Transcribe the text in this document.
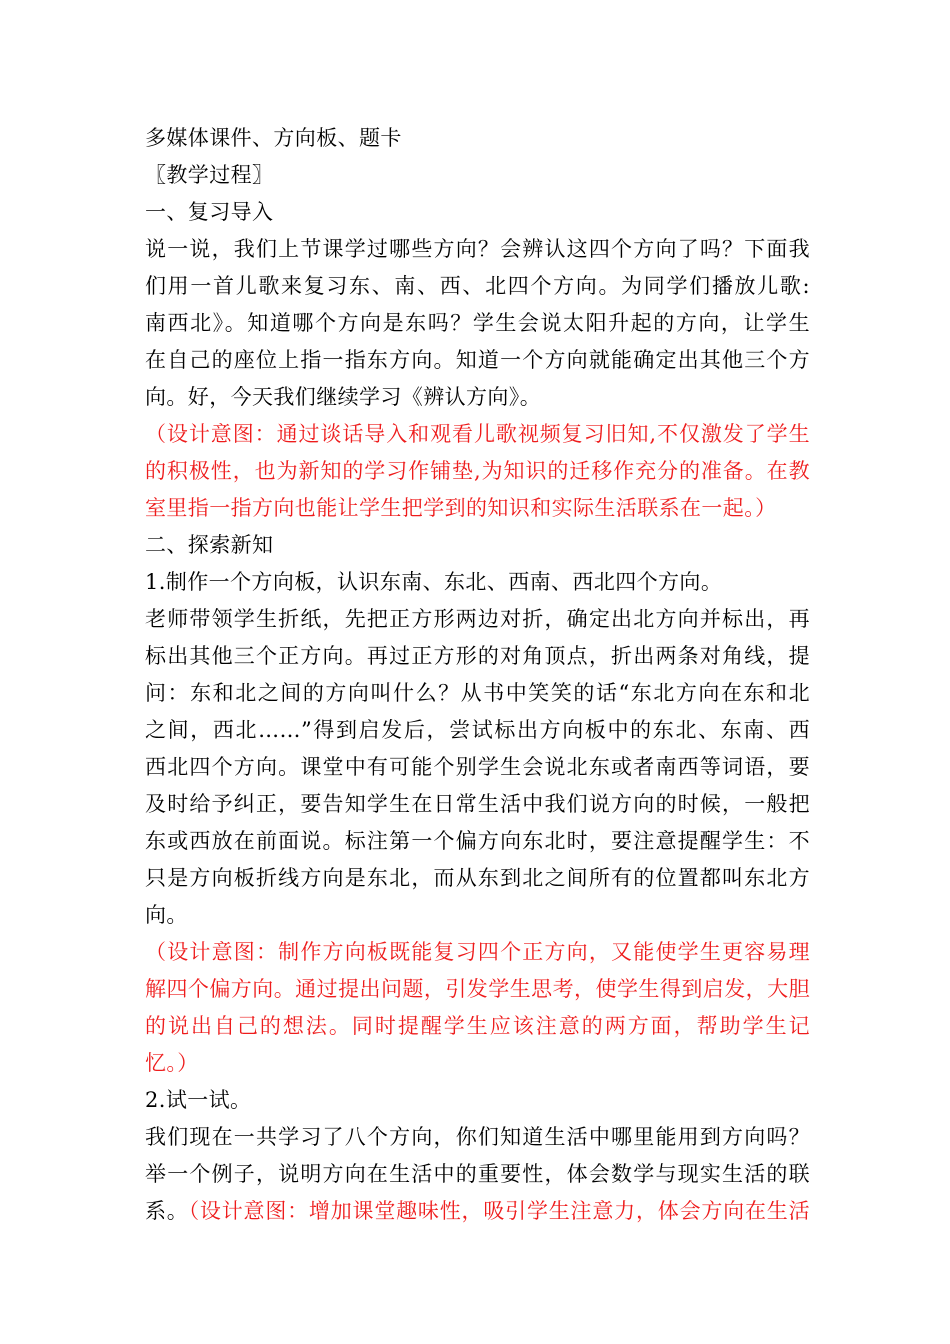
多媒体课件、方向板、题卡
〖教学过程〗
一、复习导入
说一说，我们上节课学过哪些方向？会辨认这四个方向了吗？下面我
们用一首儿歌来复习东、南、西、北四个方向。为同学们播放儿歌:
南西北》。知道哪个方向是东吗？学生会说太阳升起的方向，让学生
在自己的座位上指一指东方向。知道一个方向就能确定出其他三个方
向。好，今天我们继续学习《辨认方向》。
（设计意图：通过谈话导入和观看儿歌视频复习旧知,不仅激发了学生
的积极性，也为新知的学习作铺垫,为知识的迁移作充分的准备。在教
室里指一指方向也能让学生把学到的知识和实际生活联系在一起。）
二、探索新知
1.制作一个方向板，认识东南、东北、西南、西北四个方向。
老师带领学生折纸，先把正方形两边对折，确定出北方向并标出，再
标出其他三个正方向。再过正方形的对角顶点，折出两条对角线，提
问：东和北之间的方向叫什么？从书中笑笑的话“东北方向在东和北
之间，西北……”得到启发后，尝试标出方向板中的东北、东南、西
西北四个方向。课堂中有可能个别学生会说北东或者南西等词语，要
及时给予纠正，要告知学生在日常生活中我们说方向的时候，一般把
东或西放在前面说。标注第一个偏方向东北时，要注意提醒学生：不
只是方向板折线方向是东北，而从东到北之间所有的位置都叫东北方
向。
（设计意图：制作方向板既能复习四个正方向，又能使学生更容易理
解四个偏方向。通过提出问题，引发学生思考，使学生得到启发，大胆
的说出自己的想法。同时提醒学生应该注意的两方面，帮助学生记
忆。）
2.试一试。
我们现在一共学习了八个方向，你们知道生活中哪里能用到方向吗？
举一个例子，说明方向在生活中的重要性，体会数学与现实生活的联
系。（设计意图：增加课堂趣味性，吸引学生注意力，体会方向在生活
